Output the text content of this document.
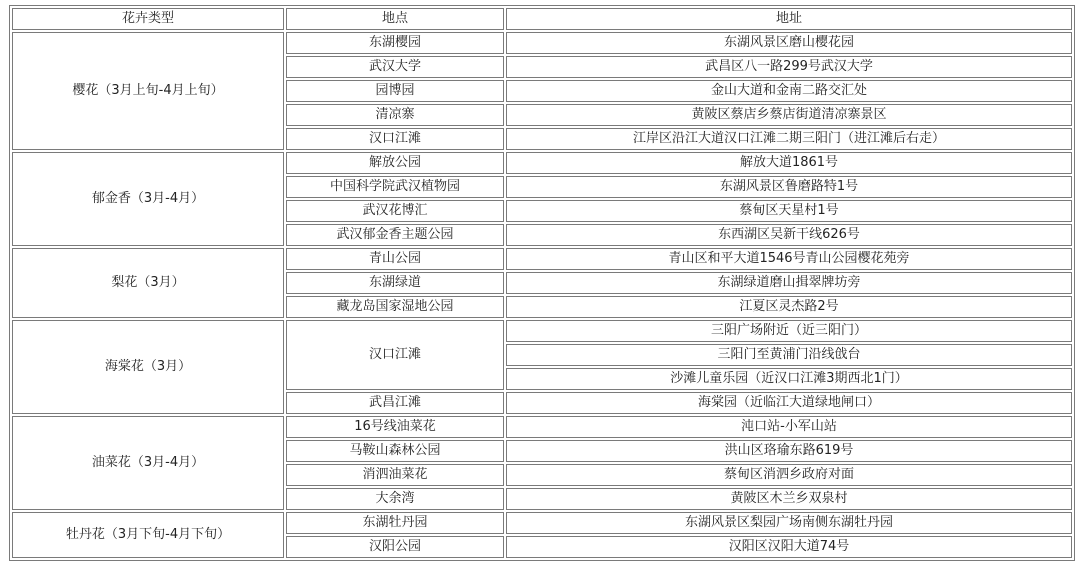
花卉类型	地点	地址
樱花（3月上旬-4月上旬）	东湖樱园	东湖风景区磨山樱花园
	武汉大学	武昌区八一路299号武汉大学
	园博园	金山大道和金南二路交汇处
	清凉寨	黄陂区蔡店乡蔡店街道清凉寨景区
	汉口江滩	江岸区沿江大道汉口江滩二期三阳门（进江滩后右走）
郁金香（3月-4月）	解放公园	解放大道1861号
	中国科学院武汉植物园	东湖风景区鲁磨路特1号
	武汉花博汇	蔡甸区天星村1号
	武汉郁金香主题公园	东西湖区吴新干线626号
梨花（3月）	青山公园	青山区和平大道1546号青山公园樱花苑旁
	东湖绿道	东湖绿道磨山揖翠牌坊旁
	藏龙岛国家湿地公园	江夏区灵杰路2号
海棠花（3月）	汉口江滩	三阳广场附近（近三阳门）
		三阳门至黄浦门沿线戗台
		沙滩儿童乐园（近汉口江滩3期西北1门）
	武昌江滩	海棠园（近临江大道绿地闸口）
油菜花（3月-4月）	16号线油菜花	沌口站-小军山站
	马鞍山森林公园	洪山区珞瑜东路619号
	消泗油菜花	蔡甸区消泗乡政府对面
	大余湾	黄陂区木兰乡双泉村
牡丹花（3月下旬-4月下旬）	东湖牡丹园	东湖风景区梨园广场南侧东湖牡丹园
	汉阳公园	汉阳区汉阳大道74号
